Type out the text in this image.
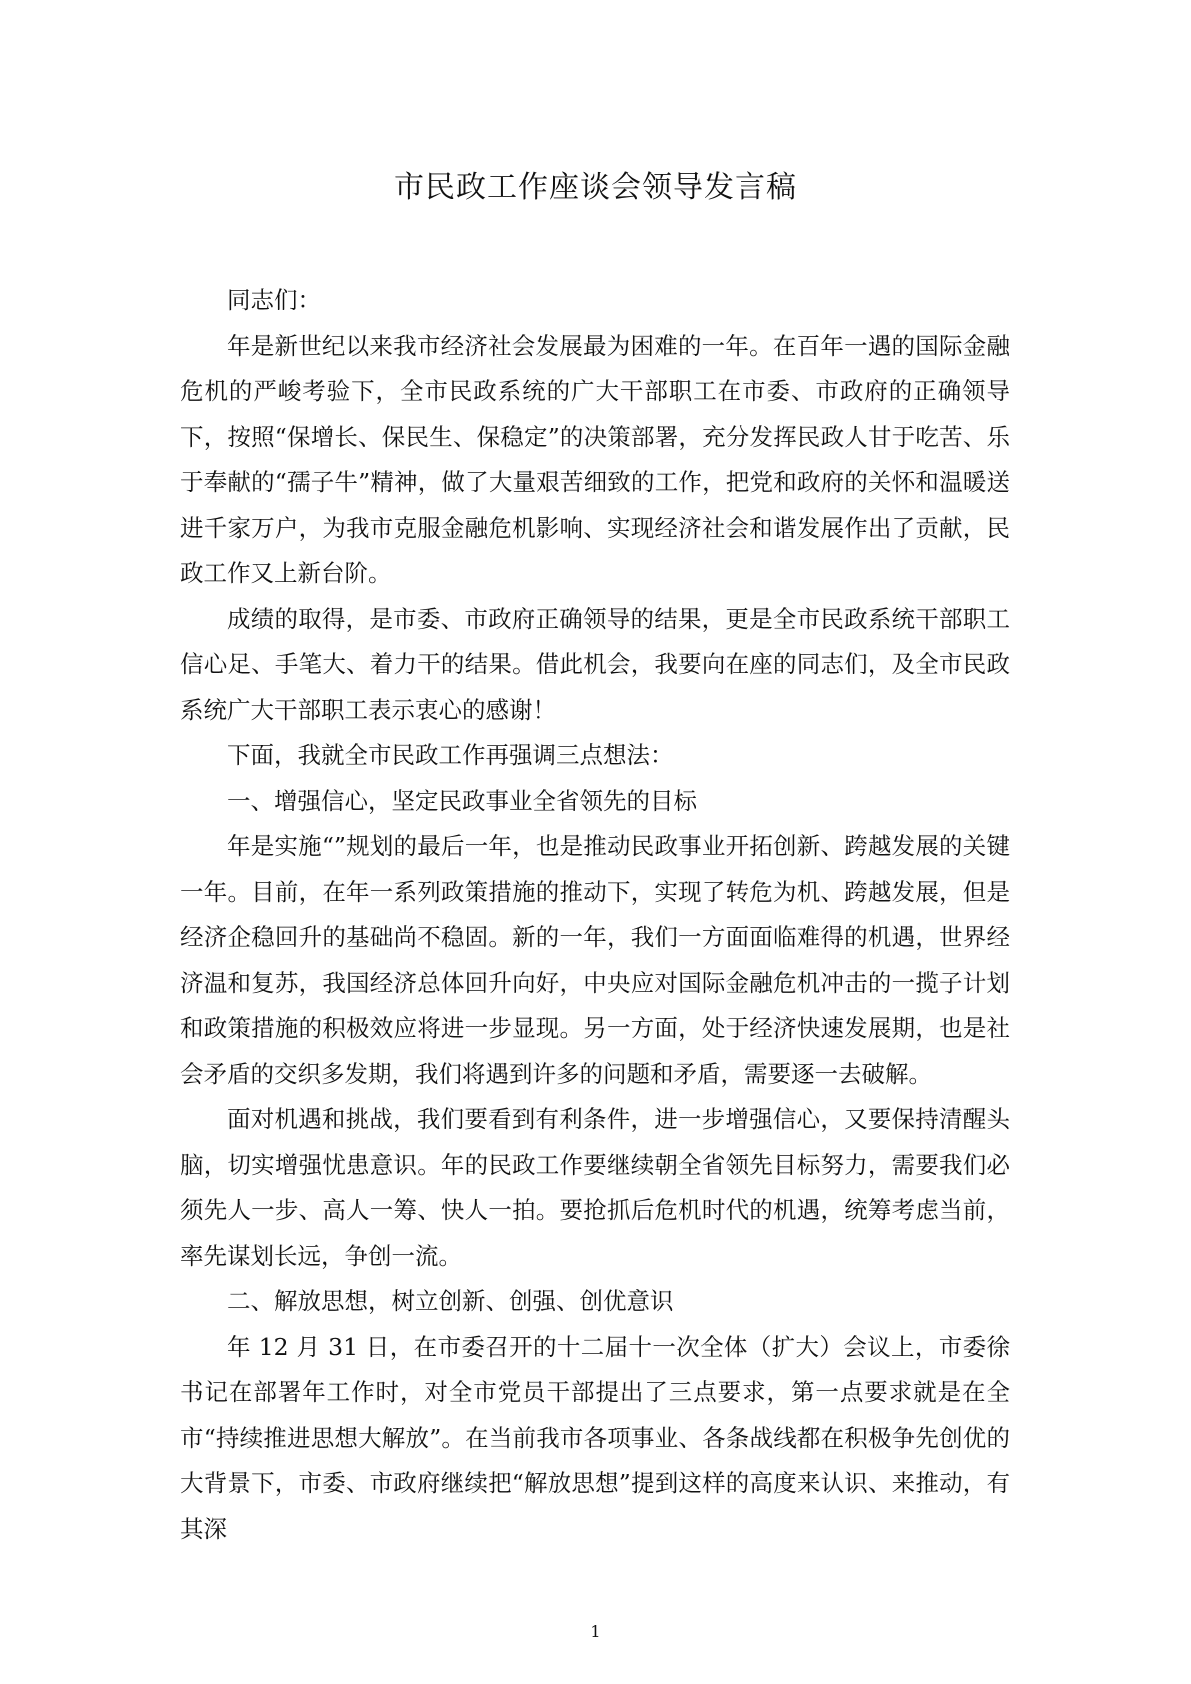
市民政工作座谈会领导发言稿

同志们：

年是新世纪以来我市经济社会发展最为困难的一年。在百年一遇的国际金融危机的严峻考验下，全市民政系统的广大干部职工在市委、市政府的正确领导下，按照“保增长、保民生、保稳定”的决策部署，充分发挥民政人甘于吃苦、乐于奉献的“孺子牛”精神，做了大量艰苦细致的工作，把党和政府的关怀和温暖送进千家万户，为我市克服金融危机影响、实现经济社会和谐发展作出了贡献，民政工作又上新台阶。

成绩的取得，是市委、市政府正确领导的结果，更是全市民政系统干部职工信心足、手笔大、着力干的结果。借此机会，我要向在座的同志们，及全市民政系统广大干部职工表示衷心的感谢！

下面，我就全市民政工作再强调三点想法：

一、增强信心，坚定民政事业全省领先的目标

年是实施“”规划的最后一年，也是推动民政事业开拓创新、跨越发展的关键一年。目前，在年一系列政策措施的推动下，实现了转危为机、跨越发展，但是经济企稳回升的基础尚不稳固。新的一年，我们一方面面临难得的机遇，世界经济温和复苏，我国经济总体回升向好，中央应对国际金融危机冲击的一揽子计划和政策措施的积极效应将进一步显现。另一方面，处于经济快速发展期，也是社会矛盾的交织多发期，我们将遇到许多的问题和矛盾，需要逐一去破解。

面对机遇和挑战，我们要看到有利条件，进一步增强信心，又要保持清醒头脑，切实增强忧患意识。年的民政工作要继续朝全省领先目标努力，需要我们必须先人一步、高人一筹、快人一拍。要抢抓后危机时代的机遇，统筹考虑当前，率先谋划长远，争创一流。

二、解放思想，树立创新、创强、创优意识

年 12 月 31 日，在市委召开的十二届十一次全体（扩大）会议上，市委徐书记在部署年工作时，对全市党员干部提出了三点要求，第一点要求就是在全市“持续推进思想大解放”。在当前我市各项事业、各条战线都在积极争先创优的大背景下，市委、市政府继续把“解放思想”提到这样的高度来认识、来推动，有其深

1
